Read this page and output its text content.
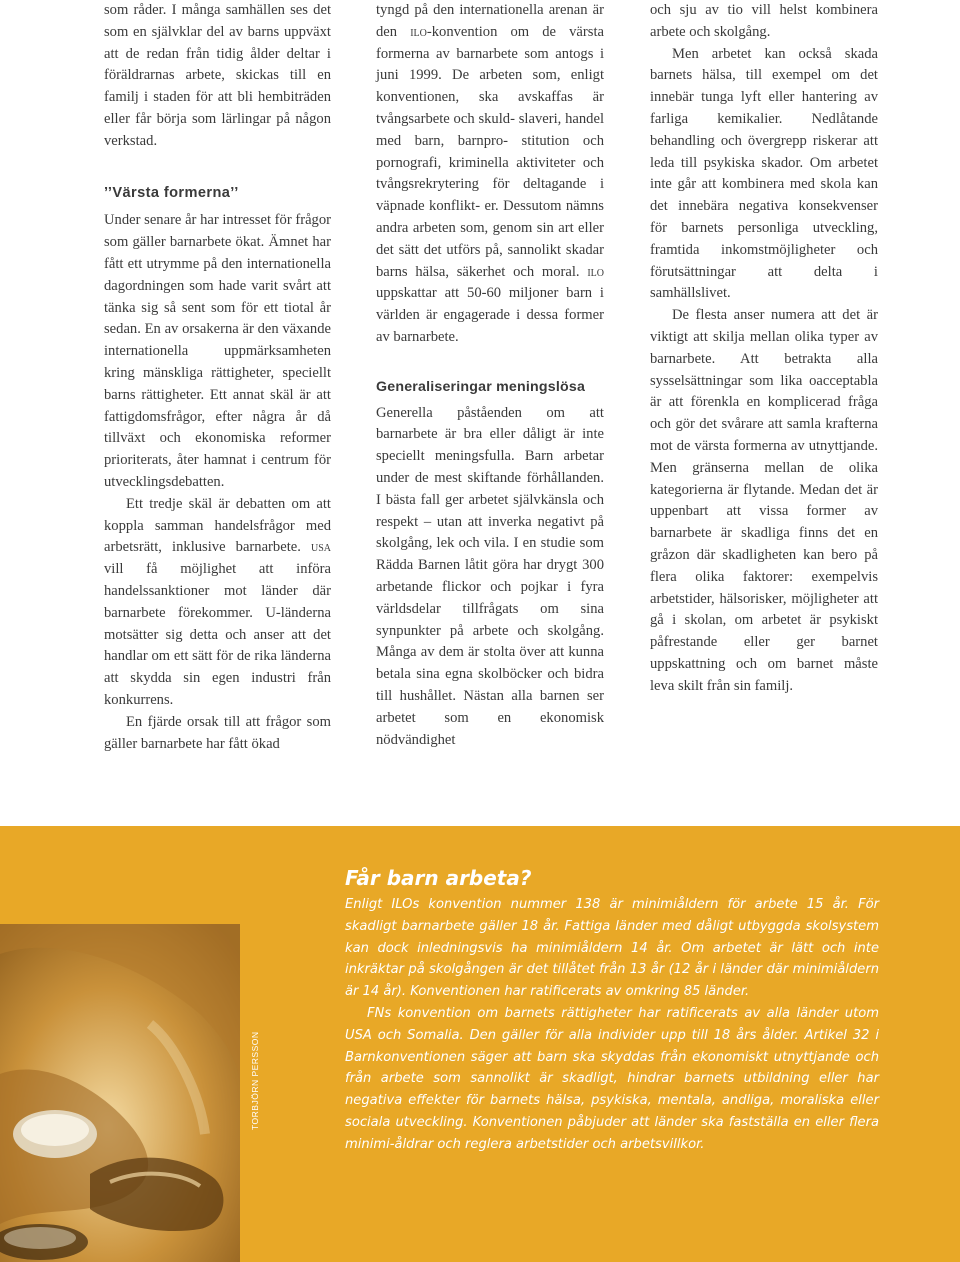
som råder. I många samhällen ses det som en självklar del av barns uppväxt att de redan från tidig ålder deltar i föräldrarnas arbete, skickas till en familj i staden för att bli hembiträden eller får börja som lärlingar på någon verkstad.

’’Värsta formerna’’

Under senare år har intresset för frågor som gäller barnarbete ökat. Ämnet har fått ett utrymme på den internationella dagordningen som hade varit svårt att tänka sig så sent som för ett tiotal år sedan. En av orsakerna är den växande internationella uppmärksamheten kring mänskliga rättigheter, speciellt barns rättigheter. Ett annat skäl är att fattigdomsfrågor, efter några år då tillväxt och ekonomiska reformer prioriterats, åter hamnat i centrum för utvecklingsdebatten.

Ett tredje skäl är debatten om att koppla samman handelsfrågor med arbetsrätt, inklusive barnarbete. usa vill få möjlighet att införa handelssanktioner mot länder där barnarbete förekommer. U-länderna motsätter sig detta och anser att det handlar om ett sätt för de rika länderna att skydda sin egen industri från konkurrens.

En fjärde orsak till att frågor som gäller barnarbete har fått ökad

tyngd på den internationella arenan är den ilo-konvention om de värsta formerna av barnarbete som antogs i juni 1999. De arbeten som, enligt konventionen, ska avskaffas är tvångsarbete och skuld- slaveri, handel med barn, barnpro- stitution och pornografi, kriminella aktiviteter och tvångsrekrytering för deltagande i väpnade konflikt- er. Dessutom nämns andra arbeten som, genom sin art eller det sätt det utförs på, sannolikt skadar barns hälsa, säkerhet och moral. ilo uppskattar att 50-60 miljoner barn i världen är engagerade i dessa former av barnarbete.

Generaliseringar meningslösa

Generella påståenden om att barnarbete är bra eller dåligt är inte speciellt meningsfulla. Barn arbetar under de mest skiftande förhållanden. I bästa fall ger arbetet självkänsla och respekt – utan att inverka negativt på skolgång, lek och vila. I en studie som Rädda Barnen låtit göra har drygt 300 arbetande flickor och pojkar i fyra världsdelar tillfrågats om sina synpunkter på arbete och skolgång. Många av dem är stolta över att kunna betala sina egna skolböcker och bidra till hushållet. Nästan alla barnen ser arbetet som en ekonomisk nödvändighet

och sju av tio vill helst kombinera arbete och skolgång.

Men arbetet kan också skada barnets hälsa, till exempel om det innebär tunga lyft eller hantering av farliga kemikalier. Nedlåtande behandling och övergrepp riskerar att leda till psykiska skador. Om arbetet inte går att kombinera med skola kan det innebära negativa konsekvenser för barnets personliga utveckling, framtida inkomstmöjligheter och förutsättningar att delta i samhällslivet.

De flesta anser numera att det är viktigt att skilja mellan olika typer av barnarbete. Att betrakta alla sysselsättningar som lika oacceptabla är att förenkla en komplicerad fråga och gör det svårare att samla krafterna mot de värsta formerna av utnyttjande. Men gränserna mellan de olika kategorierna är flytande. Medan det är uppenbart att vissa former av barnarbete är skadliga finns det en gråzon där skadligheten kan bero på flera olika faktorer: exempelvis arbetstider, hälsorisker, möjligheter att gå i skolan, om arbetet är psykiskt påfrestande eller ger barnet uppskattning och om barnet måste leva skilt från sin familj.

TORBJÖRN PERSSON
Får barn arbeta?

Enligt ILOs konvention nummer 138 är minimiåldern för arbete 15 år. För skadligt barnarbete gäller 18 år. Fattiga länder med dåligt utbyggda skolsystem kan dock inledningsvis ha minimiåldern 14 år. Om arbetet är lätt och inte inkräktar på skolgången är det tillåtet från 13 år (12 år i länder där minimiåldern är 14 år). Konventionen har ratificerats av omkring 85 länder.

FNs konvention om barnets rättigheter har ratificerats av alla länder utom USA och Somalia. Den gäller för alla individer upp till 18 års ålder. Artikel 32 i Barnkonventionen säger att barn ska skyddas från ekonomiskt utnyttjande och från arbete som sannolikt är skadligt, hindrar barnets utbildning eller har negativa effekter för barnets hälsa, psykiska, mentala, andliga, moraliska eller sociala utveckling. Konventionen påbjuder att länder ska fastställa en eller flera minimi-åldrar och reglera arbetstider och arbetsvillkor.
